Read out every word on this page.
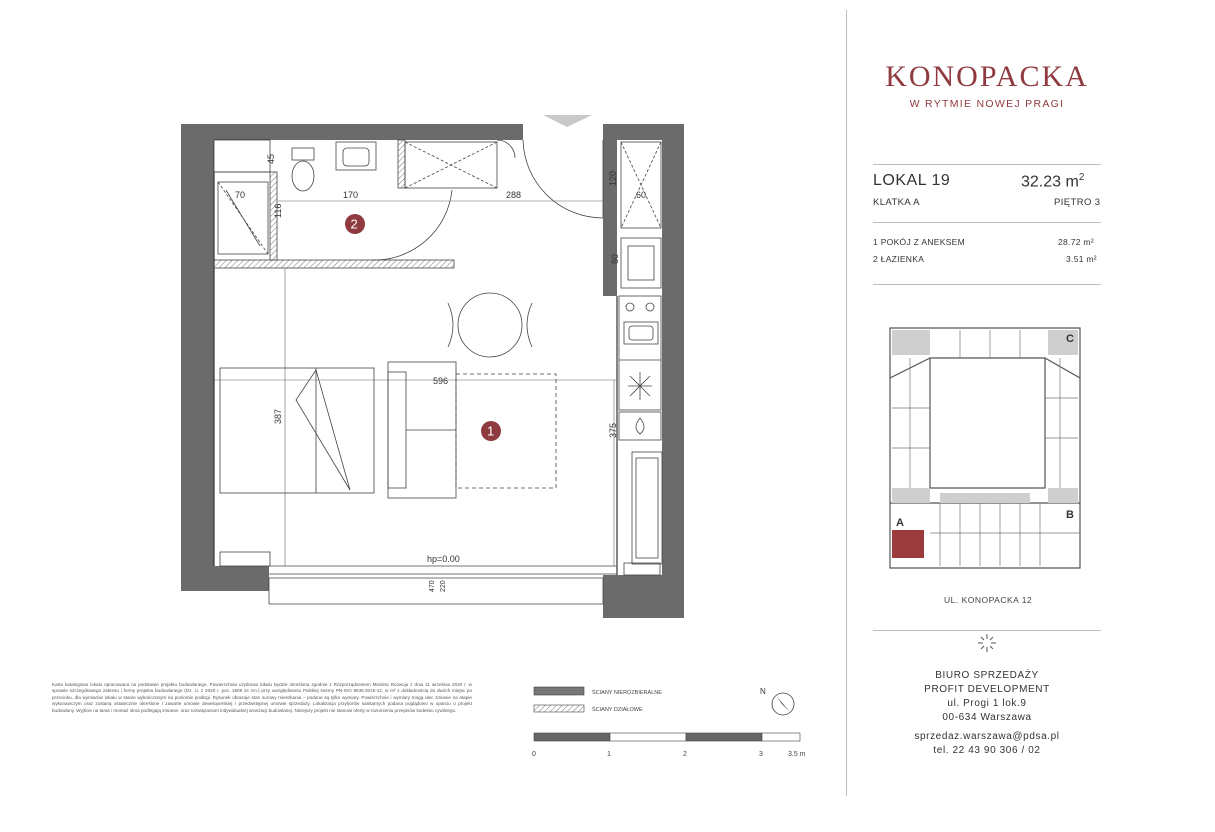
45
170	288
120
60
70
116
80
596
387
375
hp=0.00
470 220
2
1
ŚCIANY NIEROZBIERALNE
ŚCIANY DZIAŁOWE
N
0	1	2	3	3.5 m
Karta katalogowa lokalu opracowana na podstawie projektu budowlanego. Powierzchnia użytkowa lokalu będzie określona zgodnie z Rozporządzeniem Ministra Rozwoju z dnia 11 września 2020 r. w sprawie szczegółowego zakresu i formy projektu budowlanego (Dz. U. z 2020 r. poz. 1609 ze zm.) przy uwzględnieniu Polskiej Normy PN-ISO 9836:2015-12, w m² z dokładnością do dwóch miejsc po przecinku, dla wymiarów lokalu w stanie wykończonym na poziomie podłogi. Rysunek obrazuje stan surowy mieszkania – podane są tylko wymiary. Powierzchnie i wymiary mogą ulec zmianie na etapie wykonawczym oraz zostaną ostatecznie określone i zawarte umowie deweloperskiej / przedwstępnej umowie sprzedaży. Lokalizacja przyborów sanitarnych podana poglądowo w oparciu o projekt budowlany. Wyjście na taras i montaż okna podlegają zmianie, oraz rozwiązaniom indywidualnej aranżacji budowlanej. Niniejszy projekt nie stanowi oferty w rozumieniu przepisów kodeksu cywilnego.
KONOPACKA
W RYTMIE NOWEJ PRAGI
LOKAL 19	32.23 $m^2$
KLATKA A	PIĘTRO 3
1 POKÓJ Z ANEKSEM	28.72 m²
2 ŁAZIENKA	3.51 m²
A
B
C
UL. KONOPACKA 12
BIURO SPRZEDAŻY
PROFIT DEVELOPMENT
ul. Progi 1 lok.9
00-634 Warszawa
sprzedaz.warszawa@pdsa.pl
tel. 22 43 90 306 / 02
